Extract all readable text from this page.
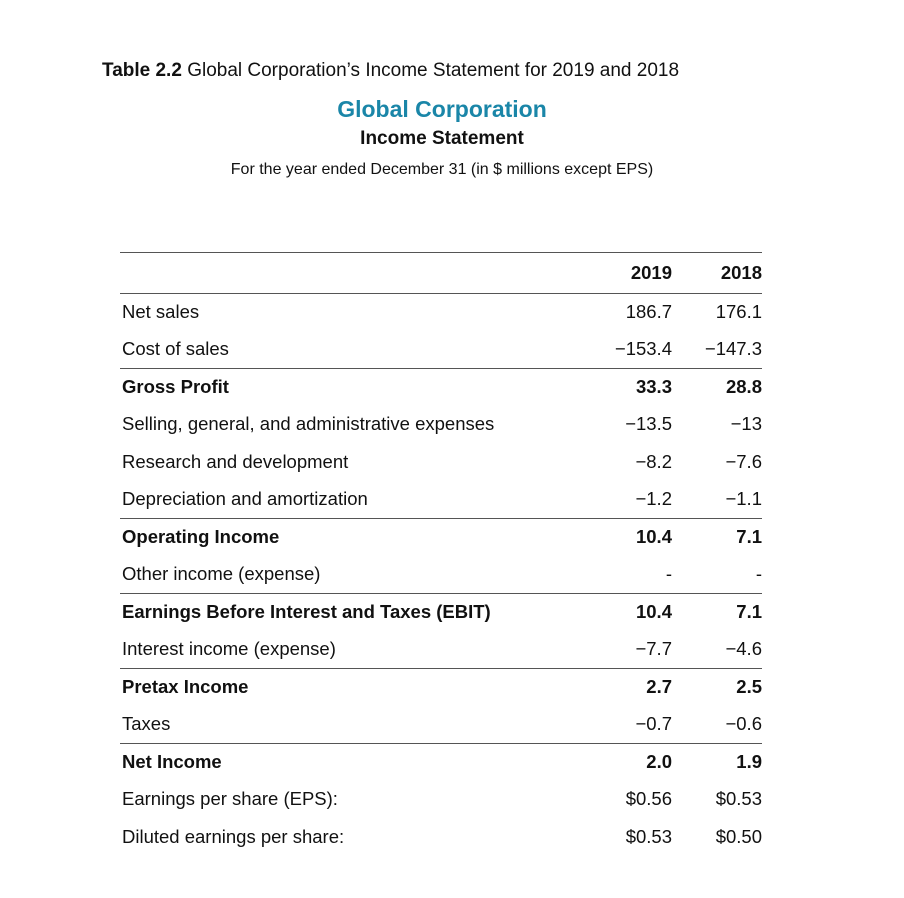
Table 2.2 Global Corporation’s Income Statement for 2019 and 2018
Global Corporation
Income Statement
For the year ended December 31 (in $ millions except EPS)
2019	2018
Net sales	186.7	176.1
Cost of sales	−153.4	−147.3
Gross Profit	33.3	28.8
Selling, general, and administrative expenses	−13.5	−13
Research and development	−8.2	−7.6
Depreciation and amortization	−1.2	−1.1
Operating Income	10.4	7.1
Other income (expense)	-	-
Earnings Before Interest and Taxes (EBIT)	10.4	7.1
Interest income (expense)	−7.7	−4.6
Pretax Income	2.7	2.5
Taxes	−0.7	−0.6
Net Income	2.0	1.9
Earnings per share (EPS):	$0.56	$0.53
Diluted earnings per share:	$0.53	$0.50
